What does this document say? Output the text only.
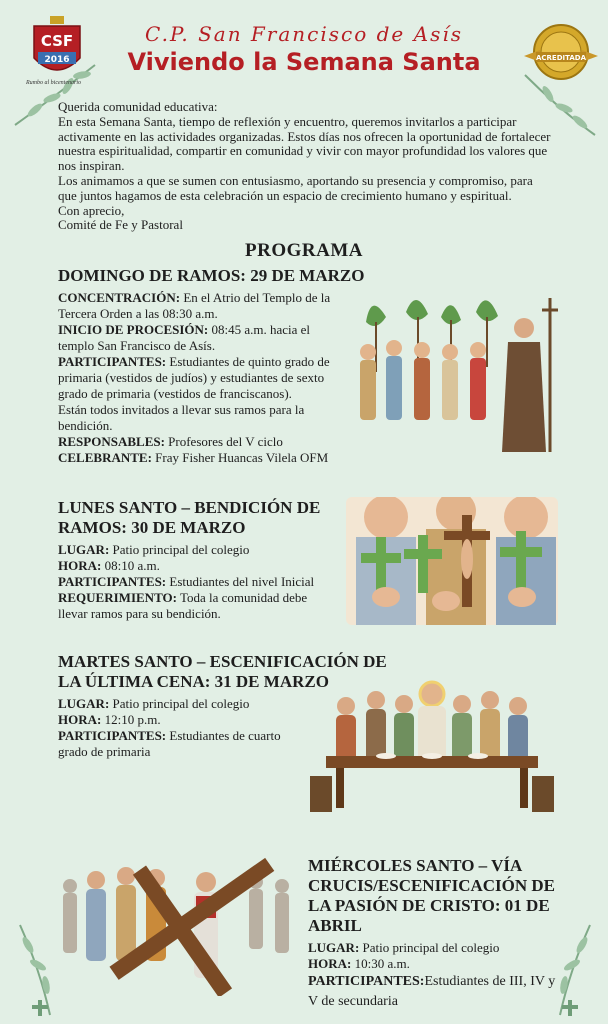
CSF
2016
Rumbo al bicentenario
C.P. San Francisco de Asís
Viviendo la Semana Santa	ACREDITADA

Querida comunidad educativa:

En esta Semana Santa, tiempo de reflexión y encuentro, queremos invitarlos a participar activamente en las actividades organizadas. Estos días nos ofrecen la oportunidad de fortalecer nuestra espiritualidad, compartir en comunidad y vivir con mayor profundidad los valores que nos inspiran.

Los animamos a que se sumen con entusiasmo, aportando su presencia y compromiso, para que juntos hagamos de esta celebración un espacio de crecimiento humano y espiritual.

Con aprecio,

Comité de Fe y Pastoral

PROGRAMA
DOMINGO DE RAMOS: 29 DE MARZO

CONCENTRACIÓN: En el Atrio del Templo de la Tercera Orden a las 08:30 a.m.

INICIO DE PROCESIÓN: 08:45 a.m. hacia el templo San Francisco de Asís.

PARTICIPANTES: Estudiantes de quinto grado de primaria (vestidos de judíos) y estudiantes de sexto grado de primaria (vestidos de franciscanos).

Están todos invitados a llevar sus ramos para la bendición.

RESPONSABLES: Profesores del V ciclo

CELEBRANTE: Fray Fisher Huancas Vilela OFM

LUNES SANTO – BENDICIÓN DE RAMOS: 30 DE MARZO

LUGAR: Patio principal del colegio

HORA: 08:10 a.m.

PARTICIPANTES: Estudiantes del nivel Inicial

REQUERIMIENTO: Toda la comunidad debe llevar ramos para su bendición.

MARTES SANTO – ESCENIFICACIÓN DE LA ÚLTIMA CENA: 31 DE MARZO

LUGAR: Patio principal del colegio

HORA: 12:10 p.m.

PARTICIPANTES: Estudiantes de cuarto grado de primaria

MIÉRCOLES SANTO – VÍA CRUCIS/ESCENIFICACIÓN DE LA PASIÓN DE CRISTO: 01 DE ABRIL

LUGAR: Patio principal del colegio

HORA: 10:30 a.m.

PARTICIPANTES:Estudiantes de III, IV y V de secundaria
